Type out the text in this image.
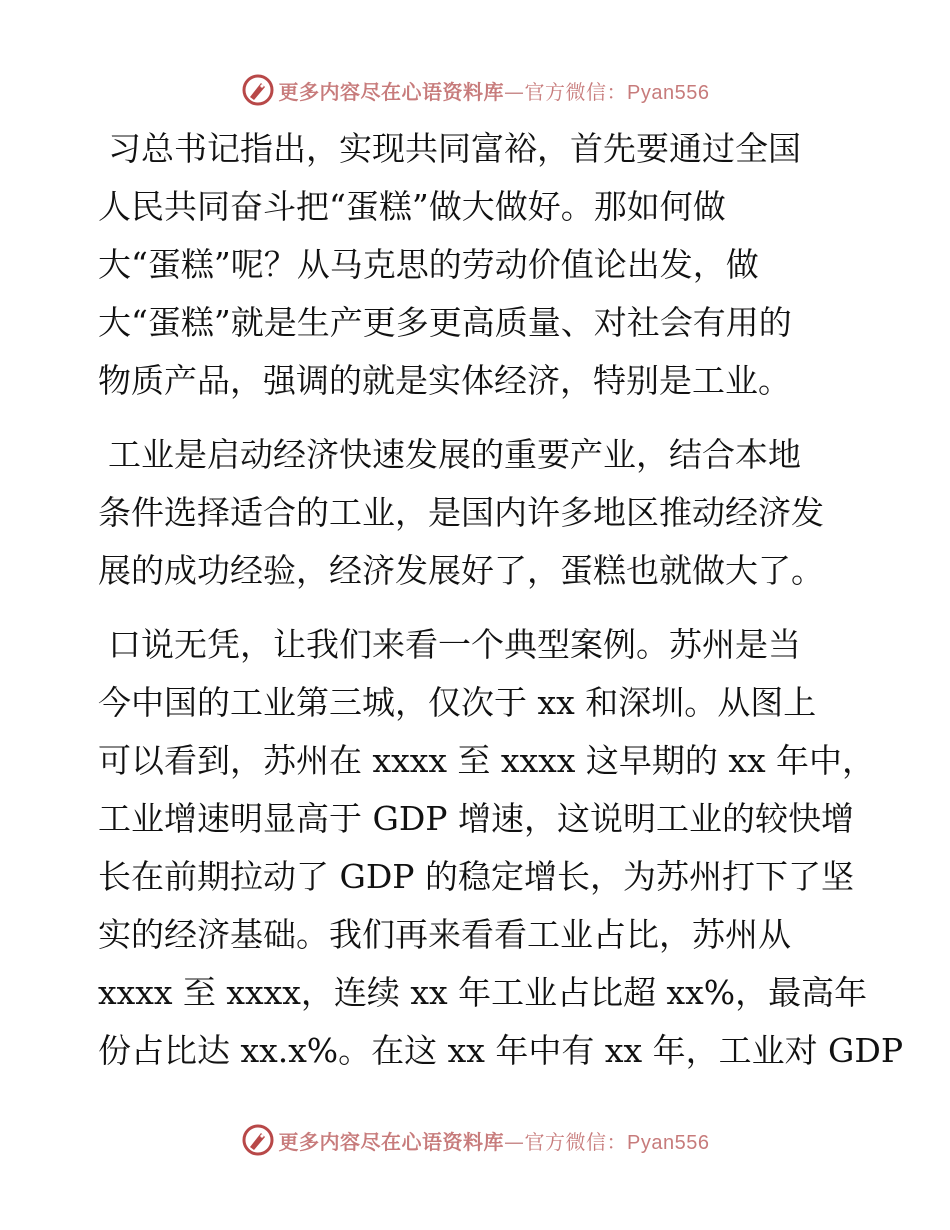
更多内容尽在心语资料库—官方微信：Pyan556
习总书记指出，实现共同富裕，首先要通过全国
人民共同奋斗把“蛋糕”做大做好。那如何做
大“蛋糕”呢？从马克思的劳动价值论出发，做
大“蛋糕”就是生产更多更高质量、对社会有用的
物质产品，强调的就是实体经济，特别是工业。
工业是启动经济快速发展的重要产业，结合本地
条件选择适合的工业，是国内许多地区推动经济发
展的成功经验，经济发展好了，蛋糕也就做大了。
口说无凭，让我们来看一个典型案例。苏州是当
今中国的工业第三城，仅次于 xx 和深圳。从图上
可以看到，苏州在 xxxx 至 xxxx 这早期的 xx 年中，
工业增速明显高于 GDP 增速，这说明工业的较快增
长在前期拉动了 GDP 的稳定增长，为苏州打下了坚
实的经济基础。我们再来看看工业占比，苏州从
xxxx 至 xxxx，连续 xx 年工业占比超 xx%，最高年
份占比达 xx.x%。在这 xx 年中有 xx 年，工业对 GDP
更多内容尽在心语资料库—官方微信：Pyan556
